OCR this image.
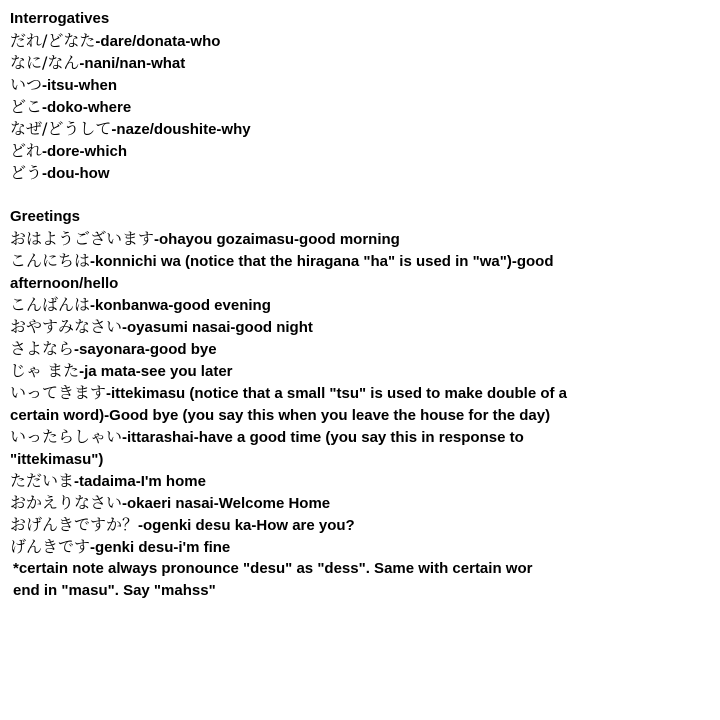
Interrogatives
だれ/どなた-dare/donata-who
なに/なん-nani/nan-what
いつ-itsu-when
どこ-doko-where
なぜ/どうして-naze/doushite-why
どれ-dore-which
どう-dou-how
Greetings
おはようございます-ohayou gozaimasu-good morning
こんにちは-konnichi wa (notice that the hiragana "ha" is used in "wa")-good afternoon/hello
こんばんは-konbanwa-good evening
おやすみなさい-oyasumi nasai-good night
さよなら-sayonara-good bye
じゃ また-ja mata-see you later
いってきます-ittekimasu (notice that a small "tsu" is used to make double of a certain word)-Good bye (you say this when you leave the house for the day)
いったらしゃい-ittarashai-have a good time (you say this in response to "ittekimasu")
ただいま-tadaima-I'm home
おかえりなさい-okaeri nasai-Welcome Home
おげんきですか？-ogenki desu ka-How are you?
げんきです-genki desu-i'm fine
*certain note always pronounce "desu" as "dess". Same with certain wor
end in "masu". Say "mahss"
